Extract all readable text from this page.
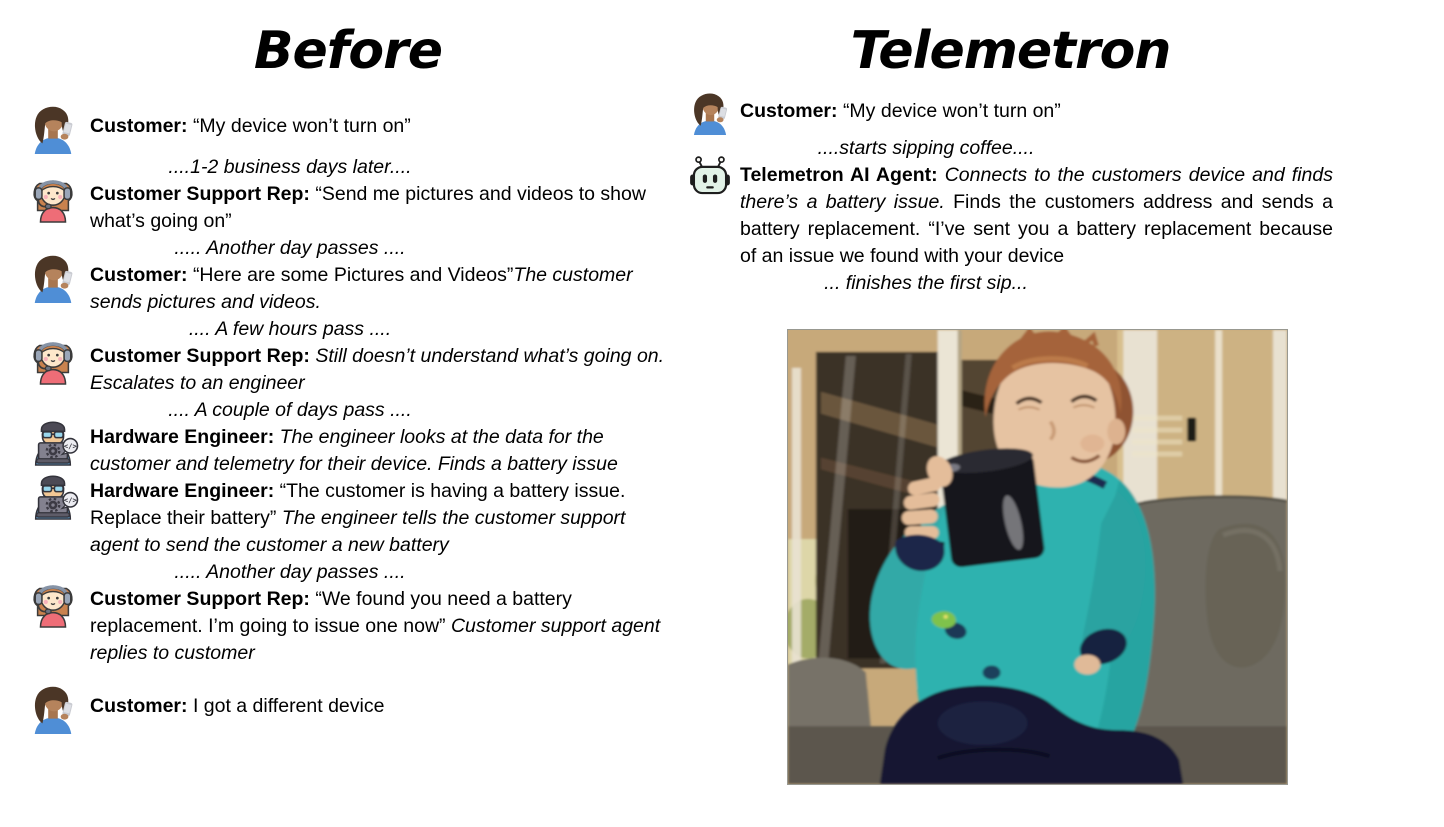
Before

Customer: “My device won’t turn on”

....1-2 business days later....

Customer Support Rep: “Send me pictures and videos to show what’s going on”

..... Another day passes ....

Customer: “Here are some Pictures and Videos”The customer sends pictures and videos.

.... A few hours pass ....

Customer Support Rep: Still doesn’t understand what’s going on. Escalates to an engineer

.... A couple of days pass ....
</> Hardware Engineer: The engineer looks at the data for the customer and telemetry for their device. Finds a battery issue

</> Hardware Engineer: “The customer is having a battery issue. Replace their battery” The engineer tells the customer support agent to send the customer a new battery

..... Another day passes ....

Customer Support Rep: “We found you need a battery replacement. I’m going to issue one now” Customer support agent replies to customer

Customer: I got a different device

Telemetron

Customer: “My device won’t turn on”

....starts sipping coffee....

Telemetron AI Agent: Connects to the customers device and finds there’s a battery issue. Finds the customers address and sends a battery replacement. “I’ve sent you a battery replacement because of an issue we found with your device

... finishes the first sip...
